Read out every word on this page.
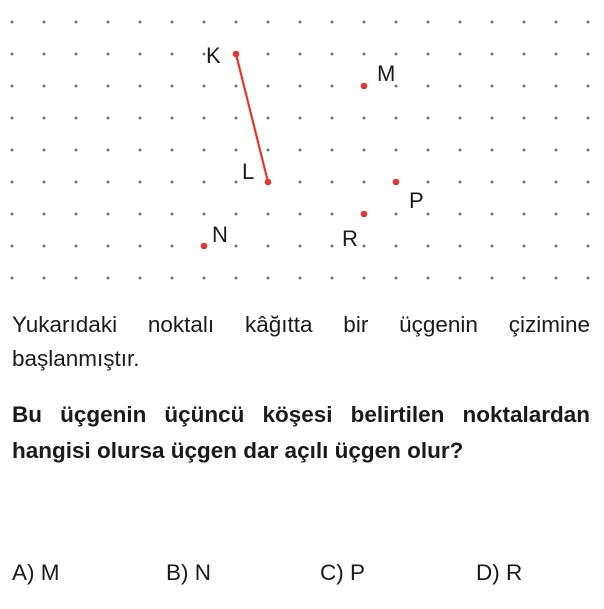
K
L
M
N
P
R
Yukarıdaki noktalı kâğıtta bir üçgenin çizimine başlanmıştır.
Bu üçgenin üçüncü köşesi belirtilen noktalardan hangisi olursa üçgen dar açılı üçgen olur?
A) M	B) N	C) P	D) R
